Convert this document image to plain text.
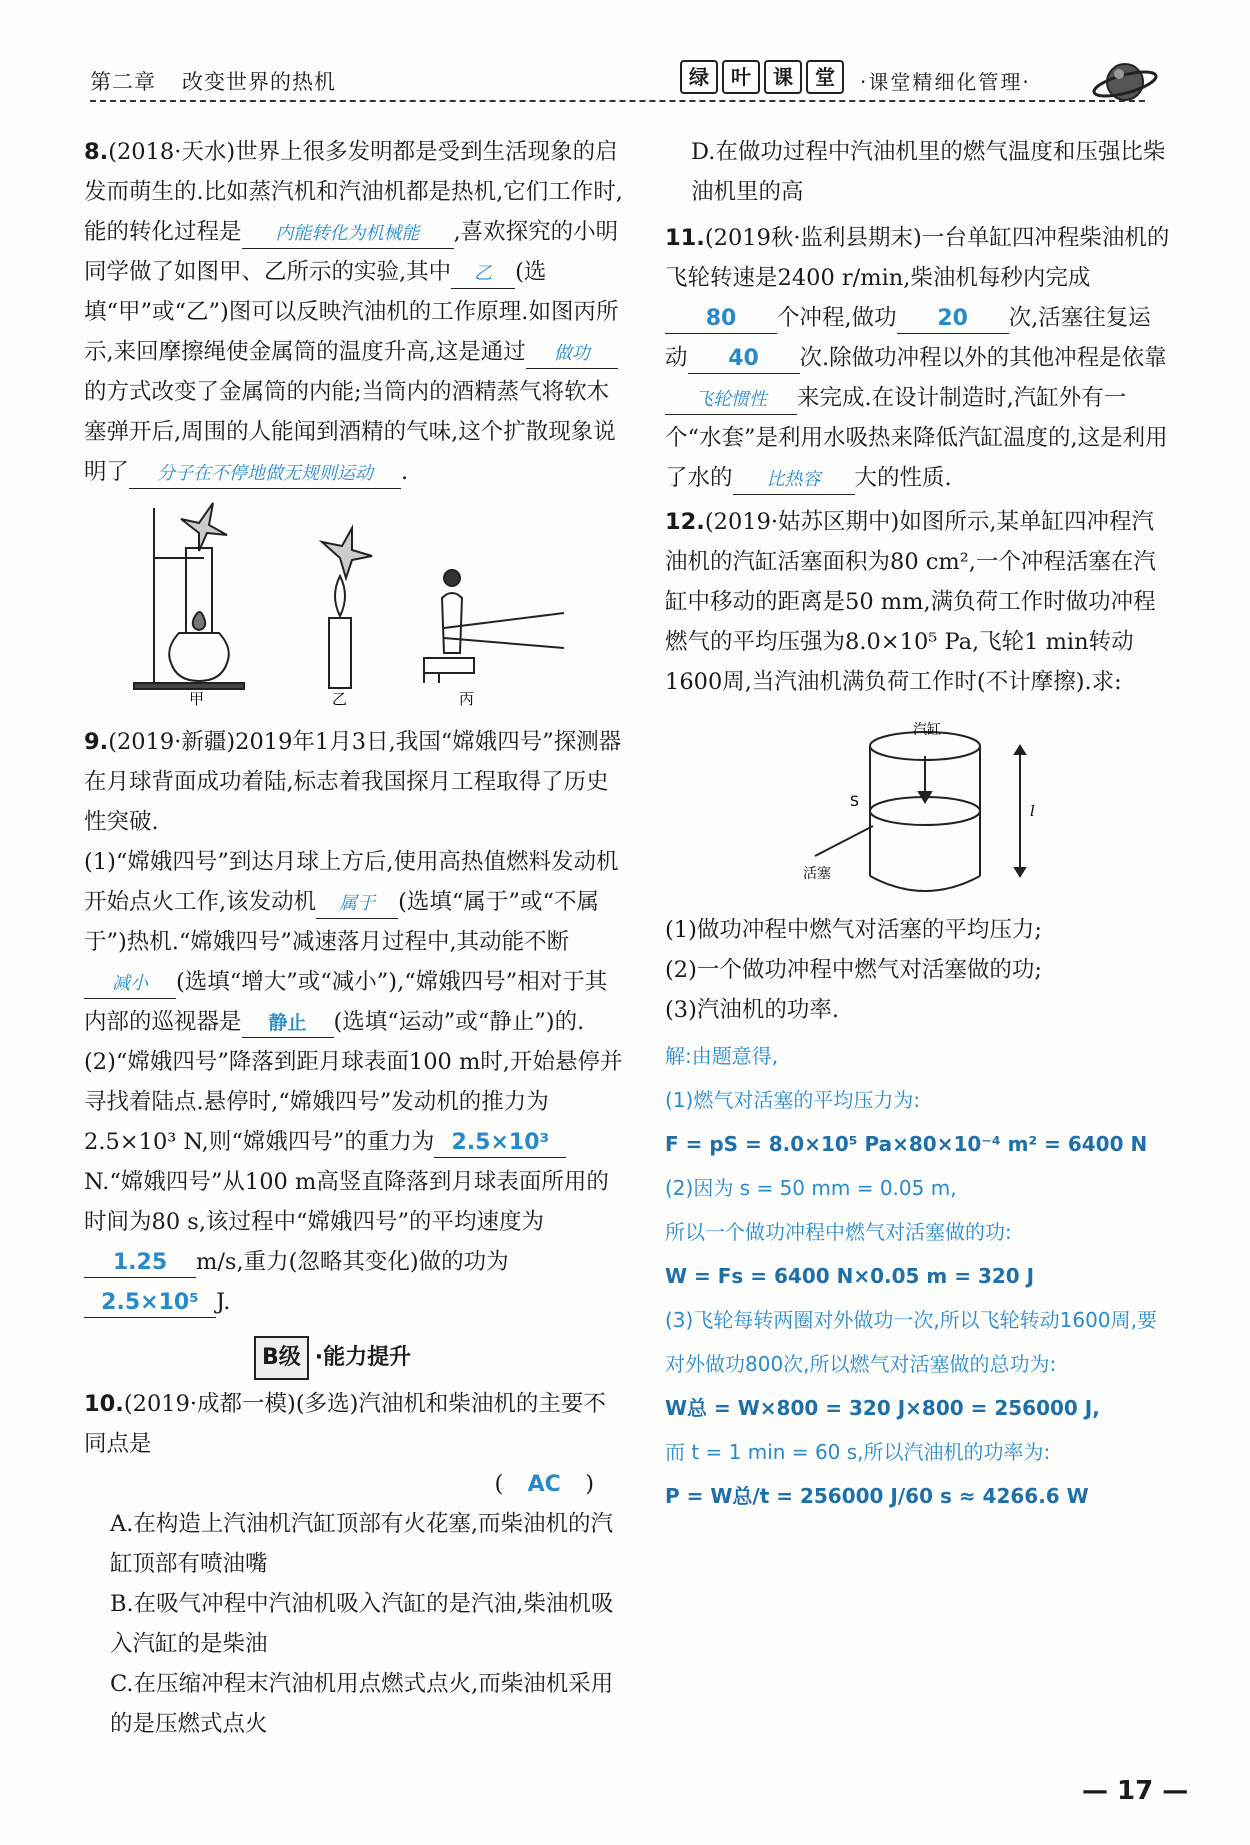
第二章 改变世界的热机	绿	叶	课	堂	·课堂精细化管理·

8.(2018·天水)世界上很多发明都是受到生活现象的启发而萌生的.比如蒸汽机和汽油机都是热机,它们工作时,能的转化过程是 内能转化为机械能 ,喜欢探究的小明同学做了如图甲、乙所示的实验,其中 乙 (选填“甲”或“乙”)图可以反映汽油机的工作原理.如图丙所示,来回摩擦绳使金属筒的温度升高,这是通过 做功的方式改变了金属筒的内能;当筒内的酒精蒸气将软木塞弹开后,周围的人能闻到酒精的气味,这个扩散现象说明了 分子在不停地做无规则运动 .

甲	乙	丙

9.(2019·新疆)2019年1月3日,我国“嫦娥四号”探测器在月球背面成功着陆,标志着我国探月工程取得了历史性突破.

(1)“嫦娥四号”到达月球上方后,使用高热值燃料发动机开始点火工作,该发动机 属于 (选填“属于”或“不属于”)热机.“嫦娥四号”减速落月过程中,其动能不断减小 (选填“增大”或“减小”),“嫦娥四号”相对于其内部的巡视器是 静止 (选填“运动”或“静止”)的.

(2)“嫦娥四号”降落到距月球表面100 m时,开始悬停并寻找着陆点.悬停时,“嫦娥四号”发动机的推力为2.5×10³ N,则“嫦娥四号”的重力为 2.5×10³N.“嫦娥四号”从100 m高竖直降落到月球表面所用的时间为80 s,该过程中“嫦娥四号”的平均速度为1.25 m/s,重力(忽略其变化)做的功为2.5×10⁵ J.

B级 ·能力提升

10.(2019·成都一模)(多选)汽油机和柴油机的主要不同点是

( AC )

A.在构造上汽油机汽缸顶部有火花塞,而柴油机的汽缸顶部有喷油嘴

B.在吸气冲程中汽油机吸入汽缸的是汽油,柴油机吸入汽缸的是柴油

C.在压缩冲程末汽油机用点燃式点火,而柴油机采用的是压燃式点火

D.在做功过程中汽油机里的燃气温度和压强比柴油机里的高

11.(2019秋·监利县期末)一台单缸四冲程柴油机的飞轮转速是2400 r/min,柴油机每秒内完成80 个冲程,做功 20 次,活塞往复运动 40 次.除做功冲程以外的其他冲程是依靠飞轮惯性 来完成.在设计制造时,汽缸外有一个“水套”是利用水吸热来降低汽缸温度的,这是利用了水的 比热容 大的性质.

12.(2019·姑苏区期中)如图所示,某单缸四冲程汽油机的汽缸活塞面积为80 cm²,一个冲程活塞在汽缸中移动的距离是50 mm,满负荷工作时做功冲程燃气的平均压强为8.0×10⁵ Pa,飞轮1 min转动1600周,当汽油机满负荷工作时(不计摩擦).求:

汽缸
S	l
活塞

(1)做功冲程中燃气对活塞的平均压力;

(2)一个做功冲程中燃气对活塞做的功;

(3)汽油机的功率.

解:由题意得,

(1)燃气对活塞的平均压力为:

F = pS = 8.0×10⁵ Pa×80×10⁻⁴ m² = 6400 N

(2)因为 s = 50 mm = 0.05 m,

所以一个做功冲程中燃气对活塞做的功:

W = Fs = 6400 N×0.05 m = 320 J

(3)飞轮每转两圈对外做功一次,所以飞轮转动1600周,要对外做功800次,所以燃气对活塞做的总功为:

W总 = W×800 = 320 J×800 = 256000 J,

而 t = 1 min = 60 s,所以汽油机的功率为:

P = W总/t = 256000 J/60 s ≈ 4266.6 W

— 17 —
